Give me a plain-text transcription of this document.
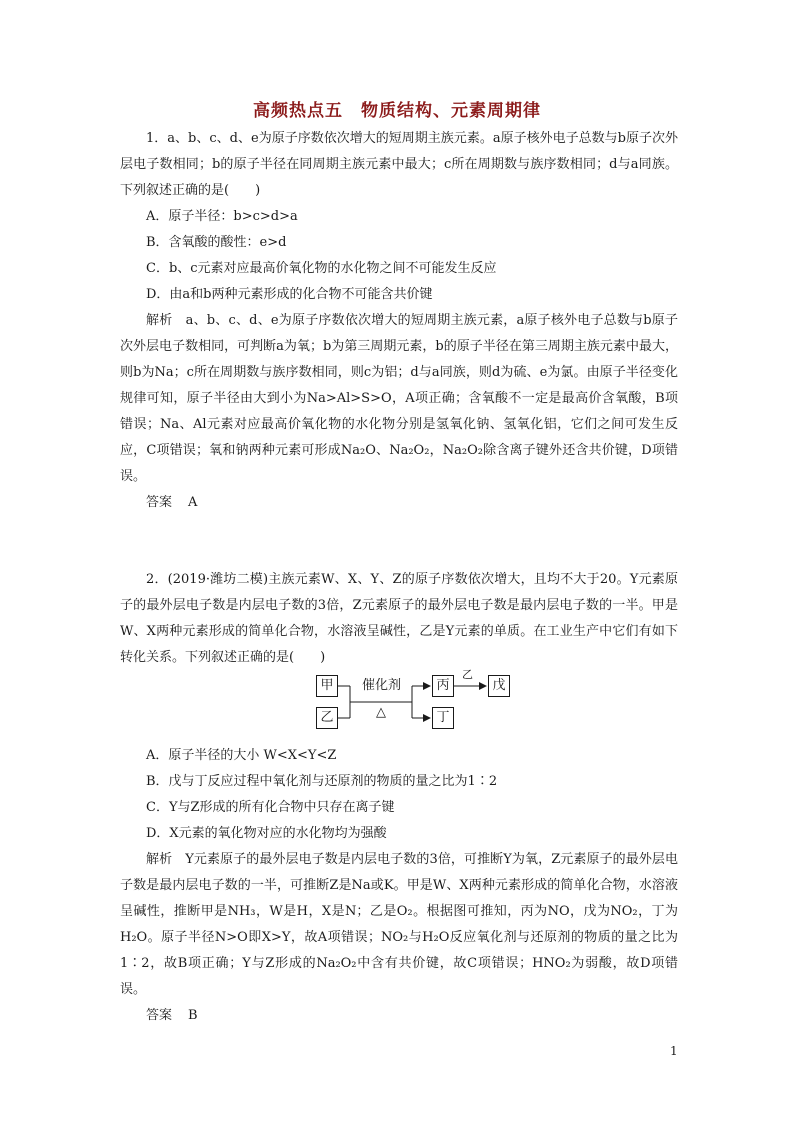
高频热点五　物质结构、元素周期律

1．a、b、c、d、e为原子序数依次增大的短周期主族元素。a原子核外电子总数与b原子次外层电子数相同；b的原子半径在同周期主族元素中最大；c所在周期数与族序数相同；d与a同族。下列叙述正确的是(　　)

A．原子半径：b>c>d>a

B．含氧酸的酸性：e>d

C．b、c元素对应最高价氧化物的水化物之间不可能发生反应

D．由a和b两种元素形成的化合物不可能含共价键

解析　a、b、c、d、e为原子序数依次增大的短周期主族元素，a原子核外电子总数与b原子次外层电子数相同，可判断a为氧；b为第三周期元素，b的原子半径在第三周期主族元素中最大，则b为Na；c所在周期数与族序数相同，则c为铝；d与a同族，则d为硫、e为氯。由原子半径变化规律可知，原子半径由大到小为Na>Al>S>O，A项正确；含氧酸不一定是最高价含氧酸，B项错误；Na、Al元素对应最高价氧化物的水化物分别是氢氧化钠、氢氧化铝，它们之间可发生反应，C项错误；氧和钠两种元素可形成Na₂O、Na₂O₂，Na₂O₂除含离子键外还含共价键，D项错误。

答案 A

2．(2019·潍坊二模)主族元素W、X、Y、Z的原子序数依次增大，且均不大于20。Y元素原子的最外层电子数是内层电子数的3倍，Z元素原子的最外层电子数是最内层电子数的一半。甲是W、X两种元素形成的简单化合物，水溶液呈碱性，乙是Y元素的单质。在工业生产中它们有如下转化关系。下列叙述正确的是(　　)

甲
乙
催化剂
△
丙
丁
乙
戊

A．原子半径的大小 W<X<Y<Z

B．戊与丁反应过程中氧化剂与还原剂的物质的量之比为1∶2

C．Y与Z形成的所有化合物中只存在离子键

D．X元素的氧化物对应的水化物均为强酸

解析　Y元素原子的最外层电子数是内层电子数的3倍，可推断Y为氧，Z元素原子的最外层电子数是最内层电子数的一半，可推断Z是Na或K。甲是W、X两种元素形成的简单化合物，水溶液呈碱性，推断甲是NH₃，W是H，X是N；乙是O₂。根据图可推知，丙为NO，戊为NO₂，丁为H₂O。原子半径N>O即X>Y，故A项错误；NO₂与H₂O反应氧化剂与还原剂的物质的量之比为1∶2，故B项正确；Y与Z形成的Na₂O₂中含有共价键，故C项错误；HNO₂为弱酸，故D项错误。

答案 B

1
